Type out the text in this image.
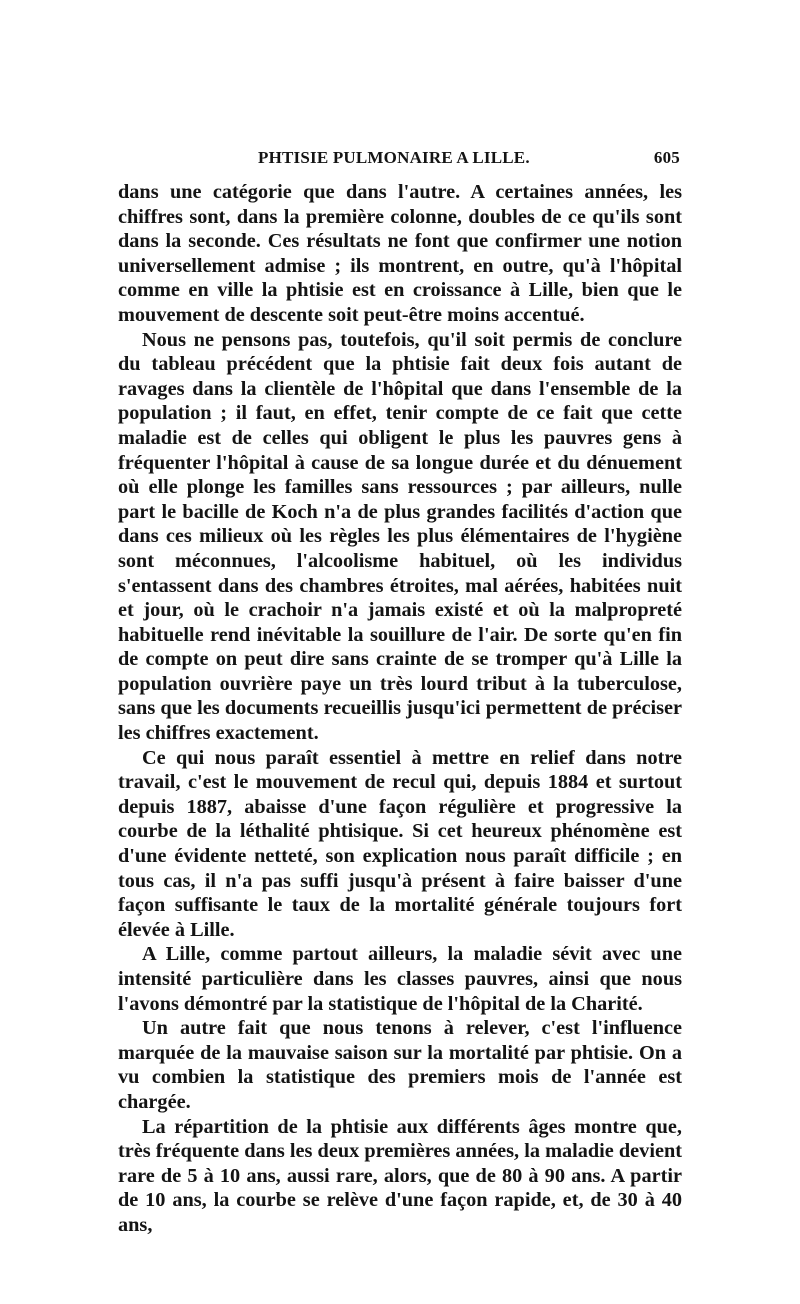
PHTISIE PULMONAIRE A LILLE.	605

dans une catégorie que dans l'autre. A certaines années, les chiffres sont, dans la première colonne, doubles de ce qu'ils sont dans la seconde. Ces résultats ne font que confirmer une notion universellement admise ; ils montrent, en outre, qu'à l'hôpital comme en ville la phtisie est en croissance à Lille, bien que le mouvement de descente soit peut-être moins accentué.

Nous ne pensons pas, toutefois, qu'il soit permis de conclure du tableau précédent que la phtisie fait deux fois autant de ravages dans la clientèle de l'hôpital que dans l'ensemble de la population ; il faut, en effet, tenir compte de ce fait que cette maladie est de celles qui obligent le plus les pauvres gens à fréquenter l'hôpital à cause de sa longue durée et du dénuement où elle plonge les familles sans ressources ; par ailleurs, nulle part le bacille de Koch n'a de plus grandes facilités d'action que dans ces milieux où les règles les plus élémentaires de l'hygiène sont méconnues, l'alcoolisme habituel, où les individus s'entassent dans des chambres étroites, mal aérées, habitées nuit et jour, où le crachoir n'a jamais existé et où la malpropreté habituelle rend inévitable la souillure de l'air. De sorte qu'en fin de compte on peut dire sans crainte de se tromper qu'à Lille la population ouvrière paye un très lourd tribut à la tuberculose, sans que les documents recueillis jusqu'ici permettent de préciser les chiffres exactement.

Ce qui nous paraît essentiel à mettre en relief dans notre travail, c'est le mouvement de recul qui, depuis 1884 et surtout depuis 1887, abaisse d'une façon régulière et progressive la courbe de la léthalité phtisique. Si cet heureux phénomène est d'une évidente netteté, son explication nous paraît difficile ; en tous cas, il n'a pas suffi jusqu'à présent à faire baisser d'une façon suffisante le taux de la mortalité générale toujours fort élevée à Lille.

A Lille, comme partout ailleurs, la maladie sévit avec une intensité particulière dans les classes pauvres, ainsi que nous l'avons démontré par la statistique de l'hôpital de la Charité.

Un autre fait que nous tenons à relever, c'est l'influence marquée de la mauvaise saison sur la mortalité par phtisie. On a vu combien la statistique des premiers mois de l'année est chargée.

La répartition de la phtisie aux différents âges montre que, très fréquente dans les deux premières années, la maladie devient rare de 5 à 10 ans, aussi rare, alors, que de 80 à 90 ans. A partir de 10 ans, la courbe se relève d'une façon rapide, et, de 30 à 40 ans,
